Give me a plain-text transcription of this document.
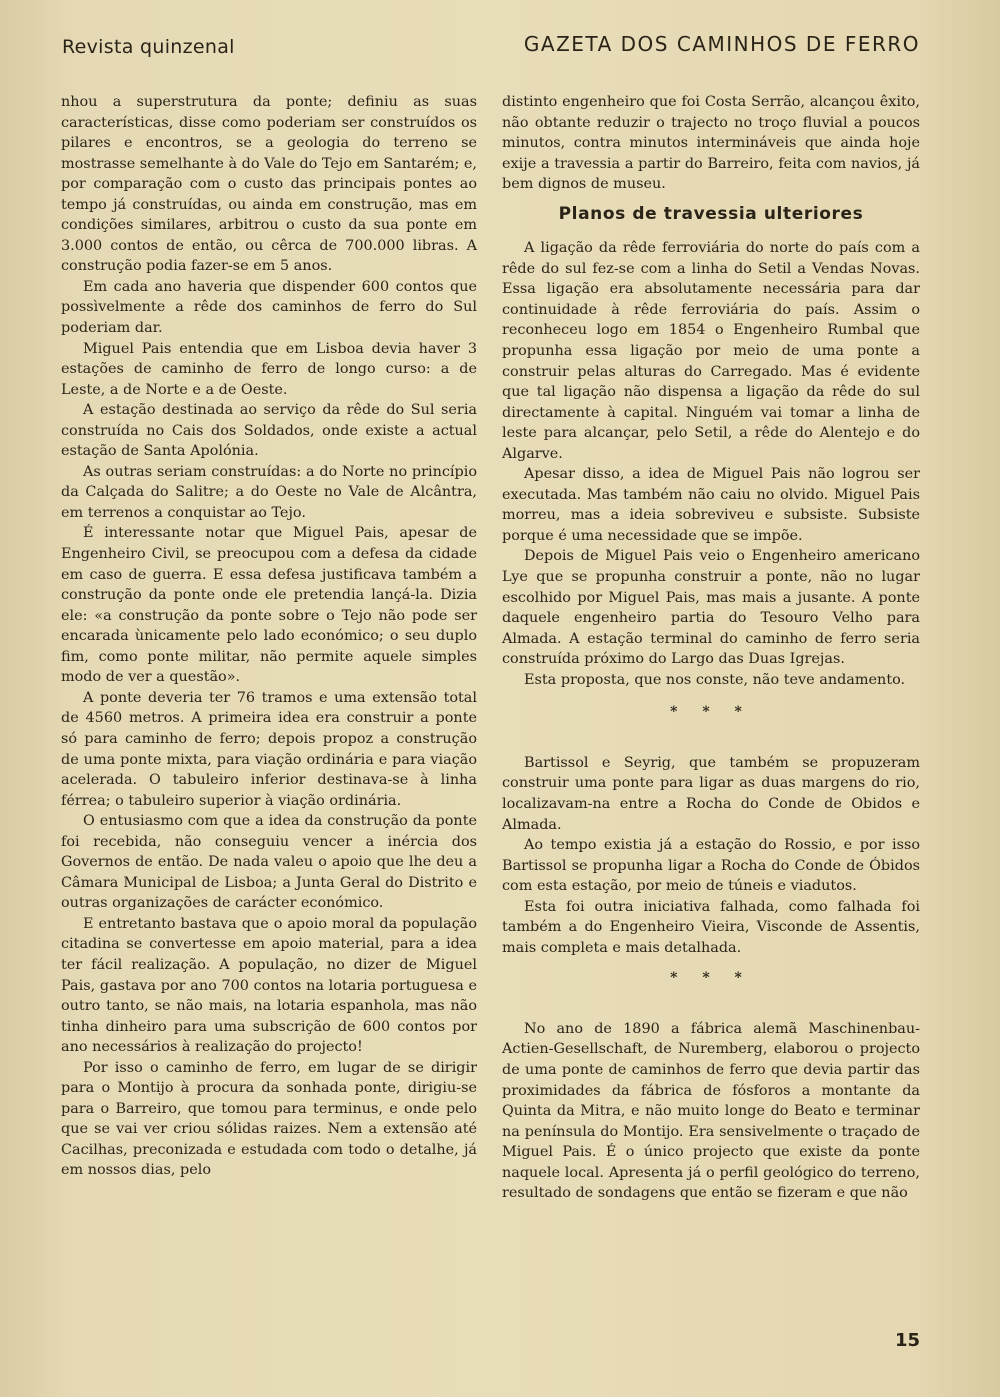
Revista quinzenal	GAZETA DOS CAMINHOS DE FERRO

nhou a superstrutura da ponte; definiu as suas características, disse como poderiam ser construídos os pilares e encontros, se a geologia do terreno se mostrasse semelhante à do Vale do Tejo em Santarém; e, por comparação com o custo das principais pontes ao tempo já construídas, ou ainda em construção, mas em condições similares, arbitrou o custo da sua ponte em 3.000 contos de então, ou cêrca de 700.000 libras. A construção podia fazer-se em 5 anos.

Em cada ano haveria que dispender 600 contos que possìvelmente a rêde dos caminhos de ferro do Sul poderiam dar.

Miguel Pais entendia que em Lisboa devia haver 3 estações de caminho de ferro de longo curso: a de Leste, a de Norte e a de Oeste.

A estação destinada ao serviço da rêde do Sul seria construída no Cais dos Soldados, onde existe a actual estação de Santa Apolónia.

As outras seriam construídas: a do Norte no princípio da Calçada do Salitre; a do Oeste no Vale de Alcântra, em terrenos a conquistar ao Tejo.

É interessante notar que Miguel Pais, apesar de Engenheiro Civil, se preocupou com a defesa da cidade em caso de guerra. E essa defesa justificava também a construção da ponte onde ele pretendia lançá-la. Dizia ele: «a construção da ponte sobre o Tejo não pode ser encarada ùnicamente pelo lado económico; o seu duplo fim, como ponte militar, não permite aquele simples modo de ver a questão».

A ponte deveria ter 76 tramos e uma extensão total de 4560 metros. A primeira idea era construir a ponte só para caminho de ferro; depois propoz a construção de uma ponte mixta, para viação ordinária e para viação acelerada. O tabuleiro inferior destinava-se à linha férrea; o tabuleiro superior à viação ordinária.

O entusiasmo com que a idea da construção da ponte foi recebida, não conseguiu vencer a inércia dos Governos de então. De nada valeu o apoio que lhe deu a Câmara Municipal de Lisboa; a Junta Geral do Distrito e outras organizações de carácter económico.

E entretanto bastava que o apoio moral da população citadina se convertesse em apoio material, para a idea ter fácil realização. A população, no dizer de Miguel Pais, gastava por ano 700 contos na lotaria portuguesa e outro tanto, se não mais, na lotaria espanhola, mas não tinha dinheiro para uma subscrição de 600 contos por ano necessários à realização do projecto!

Por isso o caminho de ferro, em lugar de se dirigir para o Montijo à procura da sonhada ponte, dirigiu-se para o Barreiro, que tomou para terminus, e onde pelo que se vai ver criou sólidas raizes. Nem a extensão até Cacilhas, preconizada e estudada com todo o detalhe, já em nossos dias, pelo

distinto engenheiro que foi Costa Serrão, alcançou êxito, não obtante reduzir o trajecto no troço fluvial a poucos minutos, contra minutos intermináveis que ainda hoje exije a travessia a partir do Barreiro, feita com navios, já bem dignos de museu.

Planos de travessia ulteriores

A ligação da rêde ferroviária do norte do país com a rêde do sul fez-se com a linha do Setil a Vendas Novas. Essa ligação era absolutamente necessária para dar continuidade à rêde ferroviária do país. Assim o reconheceu logo em 1854 o Engenheiro Rumbal que propunha essa ligação por meio de uma ponte a construir pelas alturas do Carregado. Mas é evidente que tal ligação não dispensa a ligação da rêde do sul directamente à capital. Ninguém vai tomar a linha de leste para alcançar, pelo Setil, a rêde do Alentejo e do Algarve.

Apesar disso, a idea de Miguel Pais não logrou ser executada. Mas também não caiu no olvido. Miguel Pais morreu, mas a ideia sobreviveu e subsiste. Subsiste porque é uma necessidade que se impõe.

Depois de Miguel Pais veio o Engenheiro americano Lye que se propunha construir a ponte, não no lugar escolhido por Miguel Pais, mas mais a jusante. A ponte daquele engenheiro partia do Tesouro Velho para Almada. A estação terminal do caminho de ferro seria construída próximo do Largo das Duas Igrejas.

Esta proposta, que nos conste, não teve andamento.

* * *

Bartissol e Seyrig, que também se propuzeram construir uma ponte para ligar as duas margens do rio, localizavam-na entre a Rocha do Conde de Obidos e Almada.

Ao tempo existia já a estação do Rossio, e por isso Bartissol se propunha ligar a Rocha do Conde de Óbidos com esta estação, por meio de túneis e viadutos.

Esta foi outra iniciativa falhada, como falhada foi também a do Engenheiro Vieira, Visconde de Assentis, mais completa e mais detalhada.

* * *

No ano de 1890 a fábrica alemã Maschinenbau-Actien-Gesellschaft, de Nuremberg, elaborou o projecto de uma ponte de caminhos de ferro que devia partir das proximidades da fábrica de fósforos a montante da Quinta da Mitra, e não muito longe do Beato e terminar na península do Montijo. Era sensivelmente o traçado de Miguel Pais. É o único projecto que existe da ponte naquele local. Apresenta já o perfil geológico do terreno, resultado de sondagens que então se fizeram e que não

15
